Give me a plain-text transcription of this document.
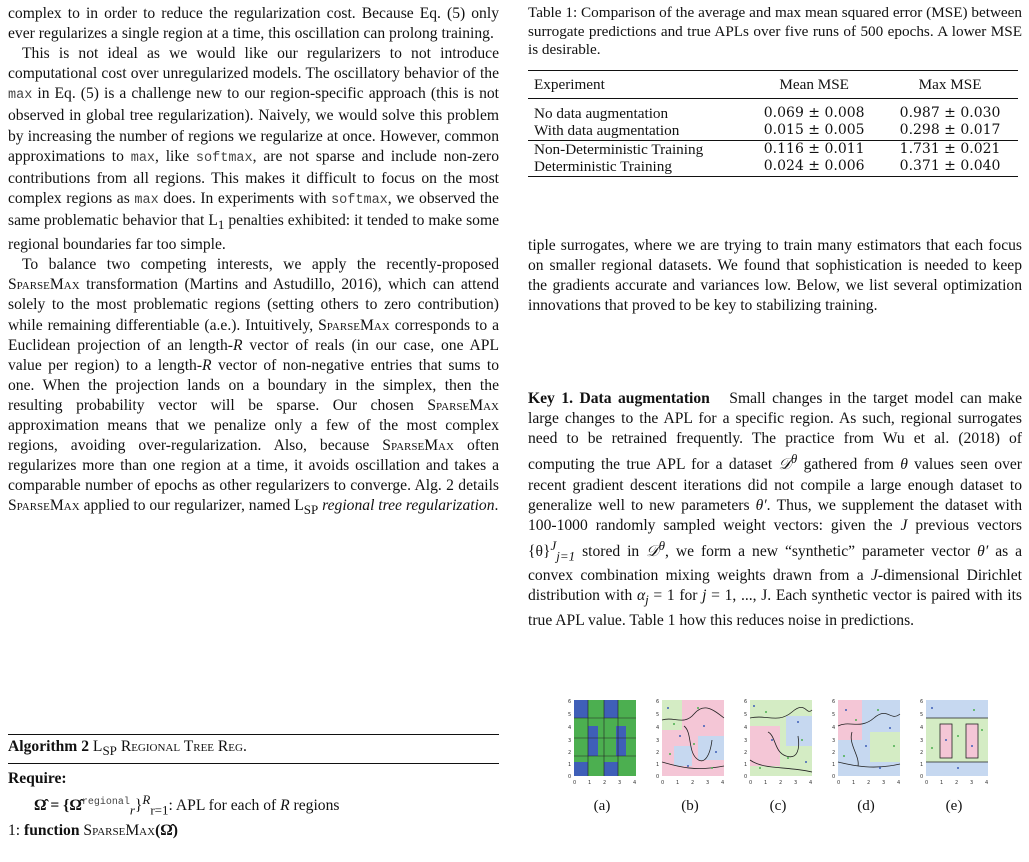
complex to in order to reduce the regularization cost. Because Eq. (5) only ever regularizes a single region at a time, this oscillation can prolong training.

This is not ideal as we would like our regularizers to not introduce computational cost over unregularized models. The oscillatory behavior of the max in Eq. (5) is a challenge new to our region-specific approach (this is not observed in global tree regularization). Naively, we would solve this problem by increasing the number of regions we regularize at once. However, common approximations to max, like softmax, are not sparse and include non-zero contributions from all regions. This makes it difficult to focus on the most complex regions as max does. In experiments with softmax, we observed the same problematic behavior that $L_1$ penalties exhibited: it tended to make some regional boundaries far too simple.

To balance two competing interests, we apply the recently-proposed SparseMax transformation (Martins and Astudillo, 2016), which can attend solely to the most problematic regions (setting others to zero contribution) while remaining differentiable (a.e.). Intuitively, SparseMax corresponds to a Euclidean projection of an length-R vector of reals (in our case, one APL value per region) to a length-R vector of non-negative entries that sums to one. When the projection lands on a boundary in the simplex, then the resulting probability vector will be sparse. Our chosen SparseMax approximation means that we penalize only a few of the most complex regions, avoiding over-regularization. Also, because SparseMax often regularizes more than one region at a time, it avoids oscillation and takes a comparable number of epochs as other regularizers to converge. Alg. 2 details SparseMax applied to our regularizer, named $L_{SP}$ regional tree regularization.

Algorithm 2 $L_{SP}$ Regional Tree Reg.
Require:
Ω̂ = {Ω̂$^{regional}_r$}$^R_{r=1}$: APL for each of R regions
1: function SparseMax(Ω̂)

Table 1: Comparison of the average and max mean squared error (MSE) between surrogate predictions and true APLs over five runs of 500 epochs. A lower MSE is desirable.

Experiment	Mean MSE	Max MSE
No data augmentation	0.069 ± 0.008	0.987 ± 0.030
With data augmentation	0.015 ± 0.005	0.298 ± 0.017
Non-Deterministic Training	0.116 ± 0.011	1.731 ± 0.021
Deterministic Training	0.024 ± 0.006	0.371 ± 0.040

tiple surrogates, where we are trying to train many estimators that each focus on smaller regional datasets. We found that sophistication is needed to keep the gradients accurate and variances low. Below, we list several optimization innovations that proved to be key to stabilizing training.

Key 1. Data augmentation Small changes in the target model can make large changes to the APL for a specific region. As such, regional surrogates need to be retrained frequently. The practice from Wu et al. (2018) of computing the true APL for a dataset 𝒟$^\theta$ gathered from θ values seen over recent gradient descent iterations did not compile a large enough dataset to generalize well to new parameters θ′. Thus, we supplement the dataset with 100-1000 randomly sampled weight vectors: given the J previous vectors $\{\theta\}^J_{j=1}$ stored in 𝒟$^\theta$, we form a new “synthetic” parameter vector θ′ as a convex combination mixing weights drawn from a J-dimensional Dirichlet distribution with $\alpha_j = 1$ for j = 1, ..., J. Each synthetic vector is paired with its true APL value. Table 1 how this reduces noise in predictions.

6
5
4
3
2
1
0
0 1 2 3 4
(a)
6
5
4
3
2
1
0
0 1 2 3 4
(b)
6
5
4
3
2
1
0
0 1 2 3 4
(c)
6
5
4
3
2
1
0
0 1 2 3 4
(d)
6
5
4
3
2
1
0
0 1 2 3 4
(e)
